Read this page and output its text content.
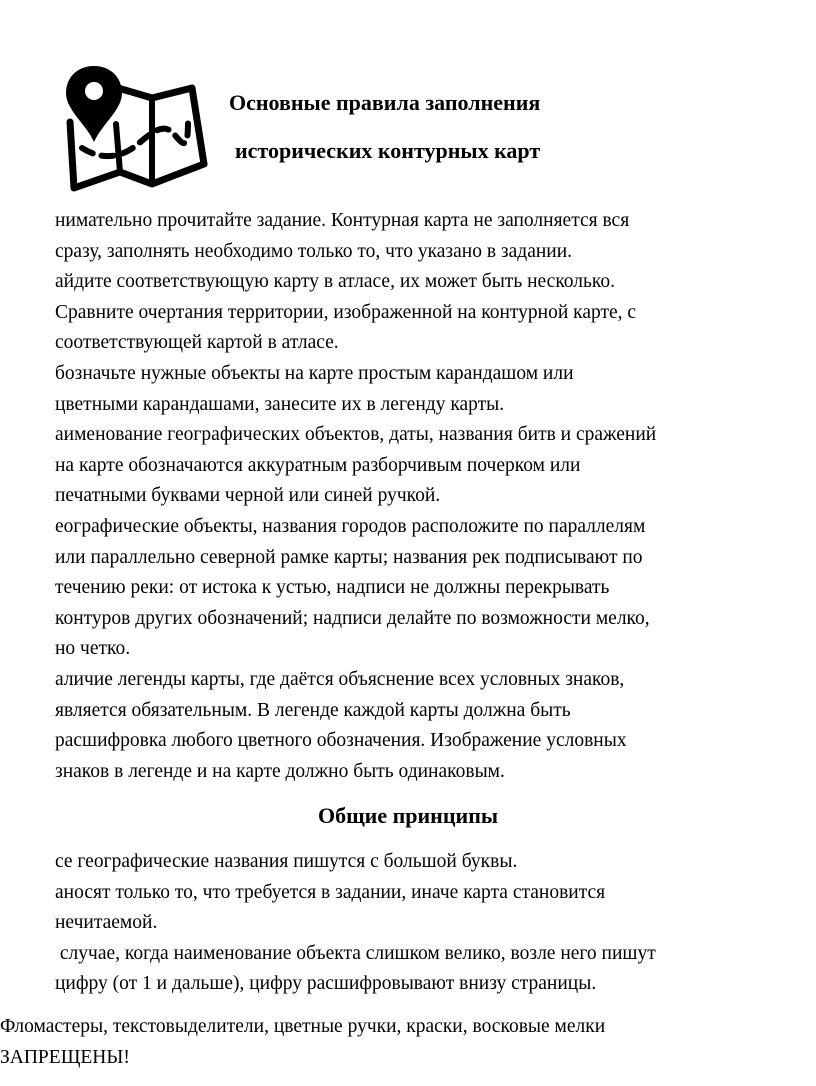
Основные правила заполнения
исторических контурных карт
нимательно прочитайте задание. Контурная карта не заполняется вся
сразу, заполнять необходимо только то, что указано в задании.
айдите соответствующую карту в атласе, их может быть несколько.
Сравните очертания территории, изображенной на контурной карте, с
соответствующей картой в атласе.
бозначьте нужные объекты на карте простым карандашом или
цветными карандашами, занесите их в легенду карты.
аименование географических объектов, даты, названия битв и сражений
на карте обозначаются аккуратным разборчивым почерком или
печатными буквами черной или синей ручкой.
еографические объекты, названия городов расположите по параллелям
или параллельно северной рамке карты; названия рек подписывают по
течению реки: от истока к устью, надписи не должны перекрывать
контуров других обозначений; надписи делайте по возможности мелко,
но четко.
аличие легенды карты, где даётся объяснение всех условных знаков,
является обязательным. В легенде каждой карты должна быть
расшифровка любого цветного обозначения. Изображение условных
знаков в легенде и на карте должно быть одинаковым.
Общие принципы
се географические названия пишутся с большой буквы.
аносят только то, что требуется в задании, иначе карта становится
нечитаемой.
случае, когда наименование объекта слишком велико, возле него пишут
цифру (от 1 и дальше), цифру расшифровывают внизу страницы.
Фломастеры, текстовыделители, цветные ручки, краски, восковые мелки
ЗАПРЕЩЕНЫ!
